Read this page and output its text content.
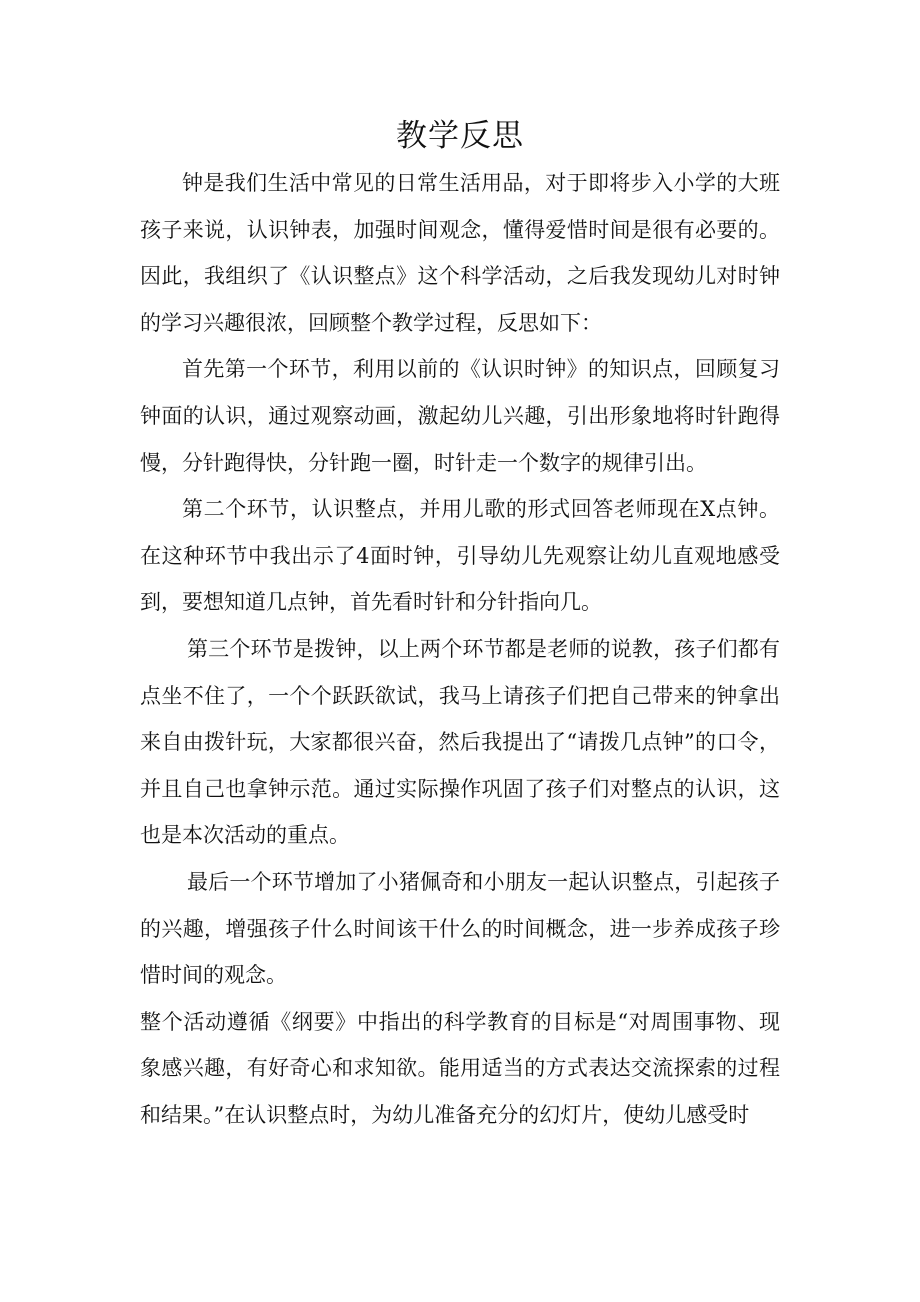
教学反思

钟是我们生活中常见的日常生活用品，对于即将步入小学的大班孩子来说，认识钟表，加强时间观念，懂得爱惜时间是很有必要的。因此，我组织了《认识整点》这个科学活动，之后我发现幼儿对时钟的学习兴趣很浓，回顾整个教学过程，反思如下：

首先第一个环节，利用以前的《认识时钟》的知识点，回顾复习钟面的认识，通过观察动画，激起幼儿兴趣，引出形象地将时针跑得慢，分针跑得快，分针跑一圈，时针走一个数字的规律引出。

第二个环节，认识整点，并用儿歌的形式回答老师现在X点钟。在这种环节中我出示了4面时钟，引导幼儿先观察让幼儿直观地感受到，要想知道几点钟，首先看时针和分针指向几。

第三个环节是拨钟，以上两个环节都是老师的说教，孩子们都有点坐不住了，一个个跃跃欲试，我马上请孩子们把自己带来的钟拿出来自由拨针玩，大家都很兴奋，然后我提出了“请拨几点钟”的口令，并且自己也拿钟示范。通过实际操作巩固了孩子们对整点的认识，这也是本次活动的重点。

最后一个环节增加了小猪佩奇和小朋友一起认识整点，引起孩子的兴趣，增强孩子什么时间该干什么的时间概念，进一步养成孩子珍惜时间的观念。

整个活动遵循《纲要》中指出的科学教育的目标是“对周围事物、现象感兴趣，有好奇心和求知欲。能用适当的方式表达交流探索的过程和结果。”在认识整点时，为幼儿准备充分的幻灯片，使幼儿感受时
